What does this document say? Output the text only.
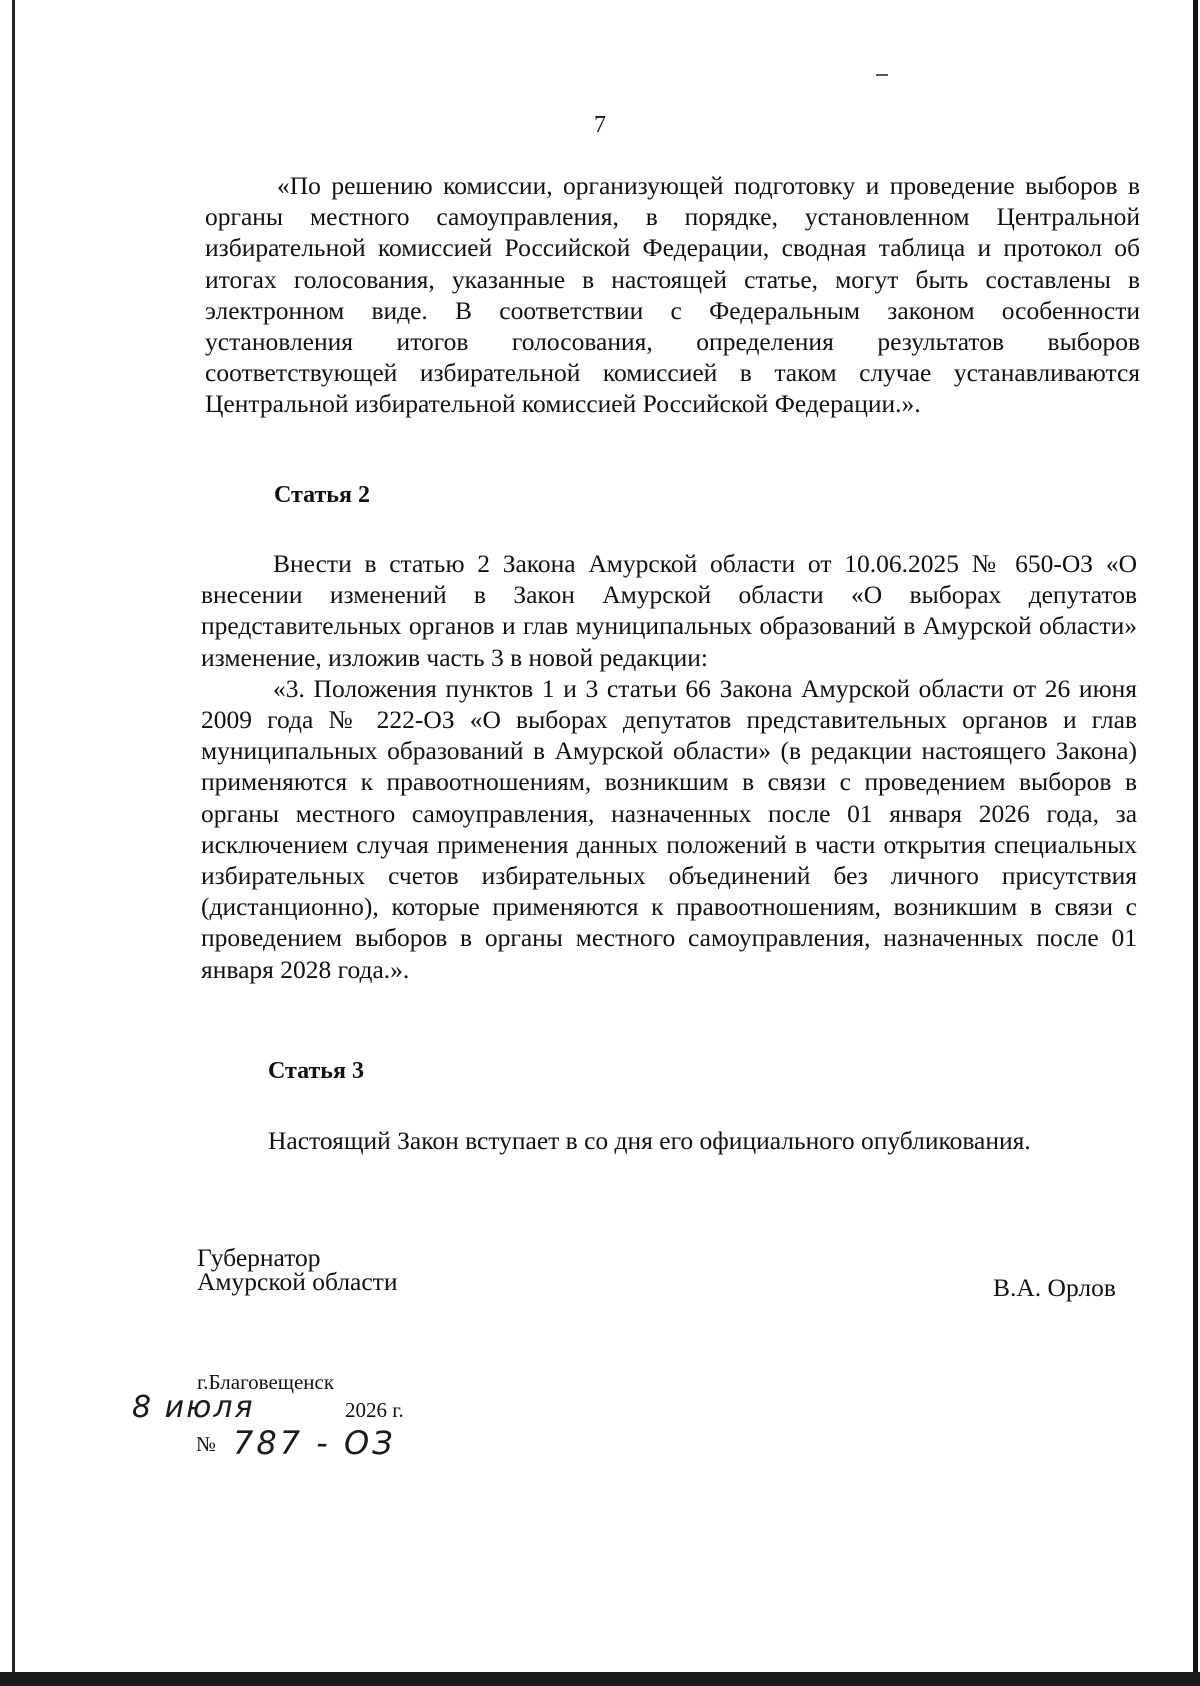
7

«По решению комиссии, организующей подготовку и проведение выборов в органы местного самоуправления, в порядке, установленном Центральной избирательной комиссией Российской Федерации, сводная таблица и протокол об итогах голосования, указанные в настоящей статье, могут быть составлены в электронном виде. В соответствии с Федеральным законом особенности установления итогов голосования, определения результатов выборов соответствующей избирательной комиссией в таком случае устанавливаются Центральной избирательной комиссией Российской Федерации.».

Статья 2

Внести в статью 2 Закона Амурской области от 10.06.2025 № 650-ОЗ «О внесении изменений в Закон Амурской области «О выборах депутатов представительных органов и глав муниципальных образований в Амурской области» изменение, изложив часть 3 в новой редакции:

«3. Положения пунктов 1 и 3 статьи 66 Закона Амурской области от 26 июня 2009 года № 222-ОЗ «О выборах депутатов представительных органов и глав муниципальных образований в Амурской области» (в редакции настоящего Закона) применяются к правоотношениям, возникшим в связи с проведением выборов в органы местного самоуправления, назначенных после 01 января 2026 года, за исключением случая применения данных положений в части открытия специальных избирательных счетов избирательных объединений без личного присутствия (дистанционно), которые применяются к правоотношениям, возникшим в связи с проведением выборов в органы местного самоуправления, назначенных после 01 января 2028 года.».

Статья 3
Настоящий Закон вступает в со дня его официального опубликования.
Губернатор
Амурской области	В.А. Орлов
г.Благовещенск
8 июля	2026 г.
№ 787 - ОЗ
